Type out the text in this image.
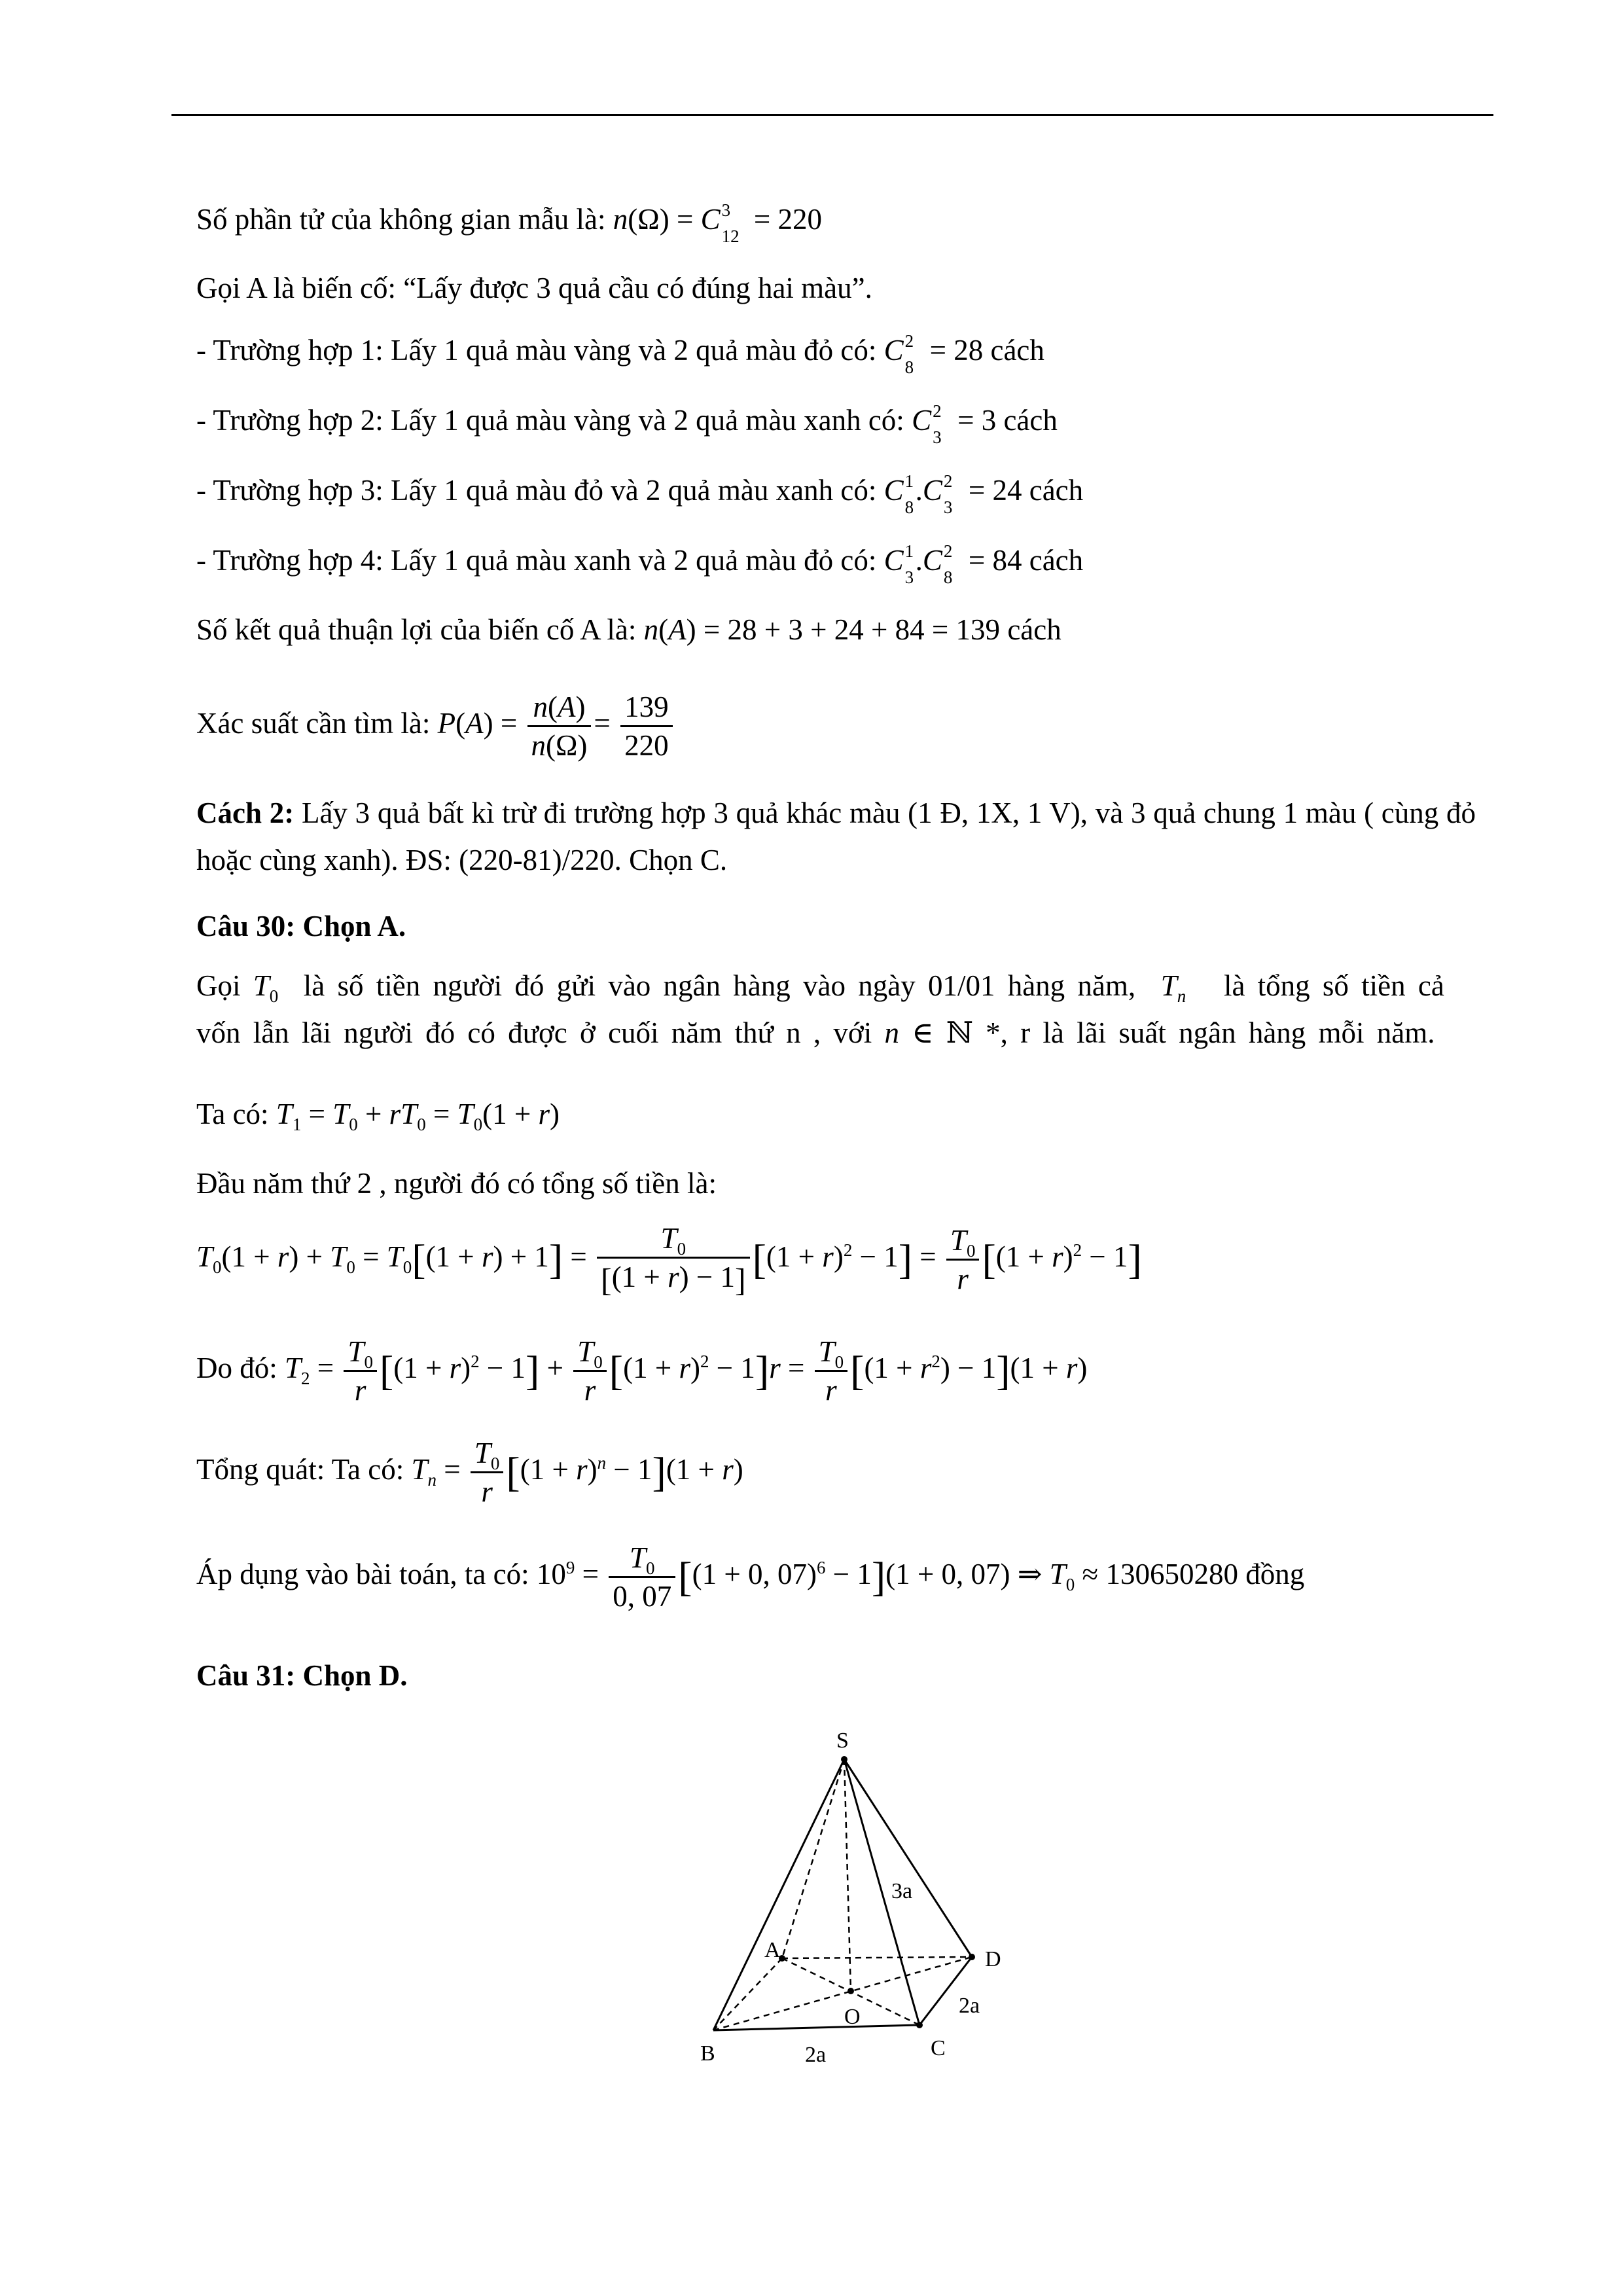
Số phần tử của không gian mẫu là: n(Ω) = C 3
12
= 220
Gọi A là biến cố: “Lấy được 3 quả cầu có đúng hai màu”.
- Trường hợp 1: Lấy 1 quả màu vàng và 2 quả màu đỏ có: C 2
8
= 28 cách
- Trường hợp 2: Lấy 1 quả màu vàng và 2 quả màu xanh có: C 2
3
= 3 cách
- Trường hợp 3: Lấy 1 quả màu đỏ và 2 quả màu xanh có: C 1
8
. C 2
3
= 24 cách
- Trường hợp 4: Lấy 1 quả màu xanh và 2 quả màu đỏ có: C 1
3
. C 2
8
= 84 cách
Số kết quả thuận lợi của biến cố A là: n(A) = 28 + 3 + 24 + 84 = 139 cách
Xác suất cần tìm là: $P(A) = \frac{n(A)}{n(\Omega)} = \frac{139}{220}$
Cách 2: Lấy 3 quả bất kì trừ đi trường hợp 3 quả khác màu (1 Đ, 1X, 1 V), và 3 quả chung 1 màu ( cùng đỏ hoặc cùng xanh). ĐS: (220-81)/220. Chọn C.
Câu 30: Chọn A.
Gọi $T_0$ là số tiền người đó gửi vào ngân hàng vào ngày 01/01 hàng năm, $T_n$ là tổng số tiền cả
vốn lẫn lãi người đó có được ở cuối năm thứ n , với n ∈ ℕ *, r là lãi suất ngân hàng mỗi năm.
Ta có: $T_1 = T_0 + rT_0 = T_0(1 + r)$
Đầu năm thứ 2 , người đó có tổng số tiền là:
$T_0(1 + r) + T_0 = T_0[(1 + r) + 1] = \frac{T_0}{[(1 + r) - 1]} [(1 + r)^2 - 1] = \frac{T_0}{r} [(1 + r)^2 - 1]$
Do đó: $T_2 = \frac{T_0}{r} [(1 + r)^2 - 1] + \frac{T_0}{r} [(1 + r)^2 - 1]r = \frac{T_0}{r} [(1 + r^2) - 1](1 + r)$
Tổng quát: Ta có: $T_n = \frac{T_0}{r} [(1 + r)^n - 1](1 + r)$
Áp dụng vào bài toán, ta có: $10^9 = \frac{T_0}{0, 07} [(1 + 0$, 07)$^6$ − 1](1 + 0, 07) ⇒ $T_0 \approx 130650280$ đồng
Câu 31: Chọn D.
S
A
B	C
D
O
3a
2a
2a
